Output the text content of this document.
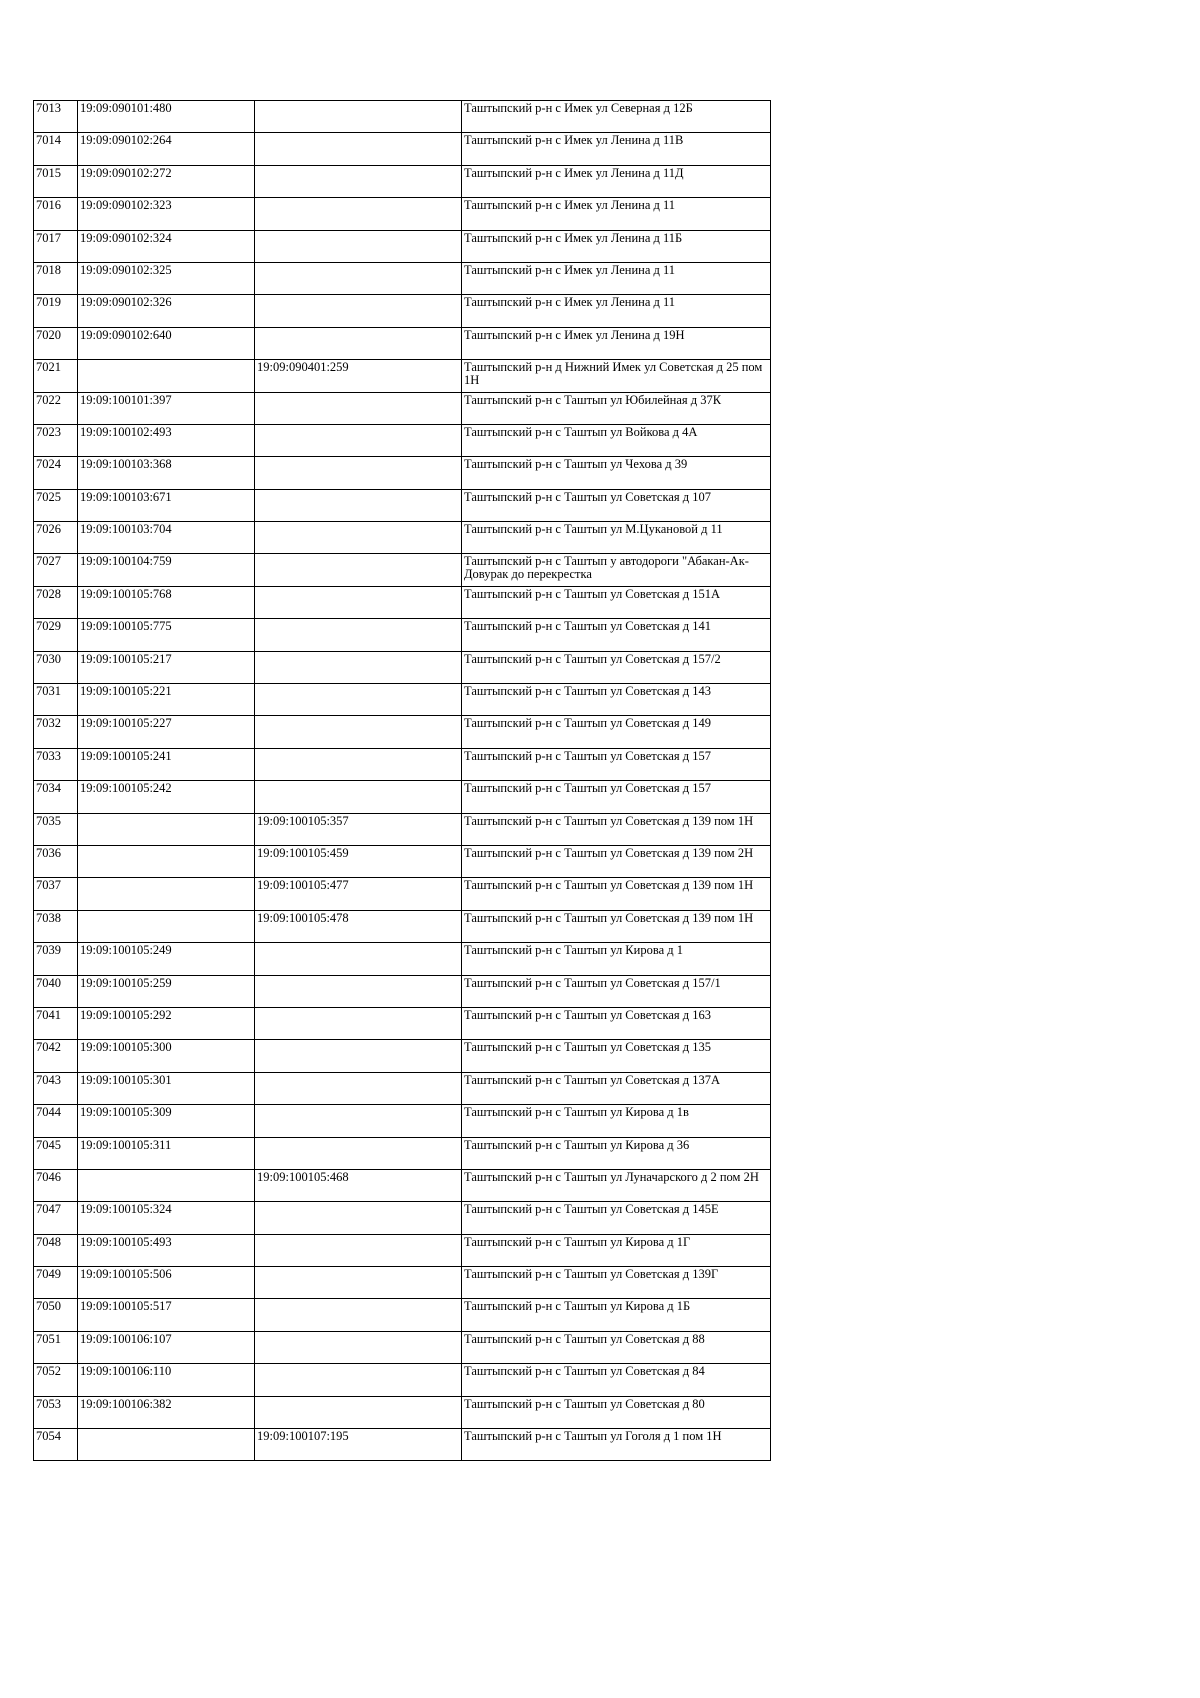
7013	19:09:090101:480		Таштыпский р-н с Имек ул Северная д 12Б
7014	19:09:090102:264		Таштыпский р-н с Имек ул Ленина д 11В
7015	19:09:090102:272		Таштыпский р-н с Имек ул Ленина д 11Д
7016	19:09:090102:323		Таштыпский р-н с Имек ул Ленина д 11
7017	19:09:090102:324		Таштыпский р-н с Имек ул Ленина д 11Б
7018	19:09:090102:325		Таштыпский р-н с Имек ул Ленина д 11
7019	19:09:090102:326		Таштыпский р-н с Имек ул Ленина д 11
7020	19:09:090102:640		Таштыпский р-н с Имек ул Ленина д 19Н
7021		19:09:090401:259	Таштыпский р-н д Нижний Имек ул Советская д 25 пом 1Н
7022	19:09:100101:397		Таштыпский р-н с Таштып ул Юбилейная д 37К
7023	19:09:100102:493		Таштыпский р-н с Таштып ул Войкова д 4А
7024	19:09:100103:368		Таштыпский р-н с Таштып ул Чехова д 39
7025	19:09:100103:671		Таштыпский р-н с Таштып ул Советская д 107
7026	19:09:100103:704		Таштыпский р-н с Таштып ул М.Цукановой д 11
7027	19:09:100104:759		Таштыпский р-н с Таштып у автодороги "Абакан-Ак-Довурак до перекрестка
7028	19:09:100105:768		Таштыпский р-н с Таштып ул Советская д 151А
7029	19:09:100105:775		Таштыпский р-н с Таштып ул Советская д 141
7030	19:09:100105:217		Таштыпский р-н с Таштып ул Советская д 157/2
7031	19:09:100105:221		Таштыпский р-н с Таштып ул Советская д 143
7032	19:09:100105:227		Таштыпский р-н с Таштып ул Советская д 149
7033	19:09:100105:241		Таштыпский р-н с Таштып ул Советская д 157
7034	19:09:100105:242		Таштыпский р-н с Таштып ул Советская д 157
7035		19:09:100105:357	Таштыпский р-н с Таштып ул Советская д 139 пом 1Н
7036		19:09:100105:459	Таштыпский р-н с Таштып ул Советская д 139 пом 2Н
7037		19:09:100105:477	Таштыпский р-н с Таштып ул Советская д 139 пом 1Н
7038		19:09:100105:478	Таштыпский р-н с Таштып ул Советская д 139 пом 1Н
7039	19:09:100105:249		Таштыпский р-н с Таштып ул Кирова д 1
7040	19:09:100105:259		Таштыпский р-н с Таштып ул Советская д 157/1
7041	19:09:100105:292		Таштыпский р-н с Таштып ул Советская д 163
7042	19:09:100105:300		Таштыпский р-н с Таштып ул Советская д 135
7043	19:09:100105:301		Таштыпский р-н с Таштып ул Советская д 137А
7044	19:09:100105:309		Таштыпский р-н с Таштып ул Кирова д 1в
7045	19:09:100105:311		Таштыпский р-н с Таштып ул Кирова д 36
7046		19:09:100105:468	Таштыпский р-н с Таштып ул Луначарского д 2 пом 2Н
7047	19:09:100105:324		Таштыпский р-н с Таштып ул Советская д 145Е
7048	19:09:100105:493		Таштыпский р-н с Таштып ул Кирова д 1Г
7049	19:09:100105:506		Таштыпский р-н с Таштып ул Советская д 139Г
7050	19:09:100105:517		Таштыпский р-н с Таштып ул Кирова д 1Б
7051	19:09:100106:107		Таштыпский р-н с Таштып ул Советская д 88
7052	19:09:100106:110		Таштыпский р-н с Таштып ул Советская д 84
7053	19:09:100106:382		Таштыпский р-н с Таштып ул Советская д 80
7054		19:09:100107:195	Таштыпский р-н с Таштып ул Гоголя д 1 пом 1Н
